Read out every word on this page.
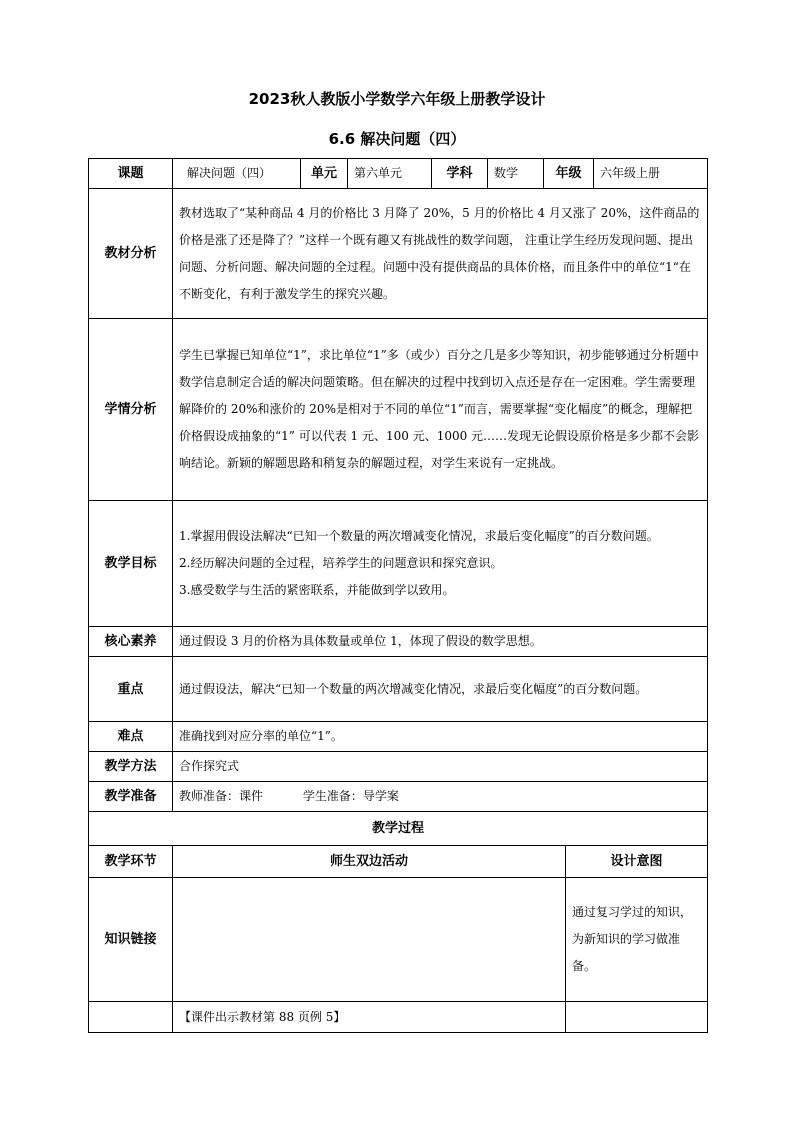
2023秋人教版小学数学六年级上册教学设计
6.6 解决问题（四）
课题	解决问题（四）	单元	第六单元	学科	数学	年级		六年级上册
教材分析	教材选取了“某种商品 4 月的价格比 3 月降了 20%，5 月的价格比 4 月又涨了 20%，这件商品的价格是涨了还是降了？”这样一个既有趣又有挑战性的数学问题， 注重让学生经历发现问题、提出问题、分析问题、解决问题的全过程。问题中没有提供商品的具体价格，而且条件中的单位“1“在不断变化，有利于激发学生的探究兴趣。							
学情分析	学生已掌握已知单位“1”，求比单位“1”多（或少）百分之几是多少等知识，初步能够通过分析题中数学信息制定合适的解决问题策略。但在解决的过程中找到切入点还是存在一定困难。学生需要理解降价的 20%和涨价的 20%是相对于不同的单位“1”而言，需要掌握“变化幅度”的概念，理解把价格假设成抽象的“1” 可以代表 1 元、100 元、1000 元……发现无论假设原价格是多少都不会影响结论。新颖的解题思路和稍复杂的解题过程，对学生来说有一定挑战。							
教学目标	1.掌握用假设法解决“已知一个数量的两次增减变化情况，求最后变化幅度”的百分数问题。

2.经历解决问题的全过程，培养学生的问题意识和探究意识。

3.感受数学与生活的紧密联系，并能做到学以致用。							

核心素养	通过假设 3 月的价格为具体数量或单位 1，体现了假设的数学思想。							
重点	通过假设法，解决“已知一个数量的两次增减变化情况，求最后变化幅度”的百分数问题。							
难点	准确找到对应分率的单位“1”。							
教学方法	合作探究式							
教学准备	教师准备：课件 　　　学生准备：导学案							
教学过程								
教学环节	师生双边活动						设计意图	
知识链接							通过复习学过的知识，为新知识的学习做准备。	
	【课件出示教材第 88 页例 5】							
